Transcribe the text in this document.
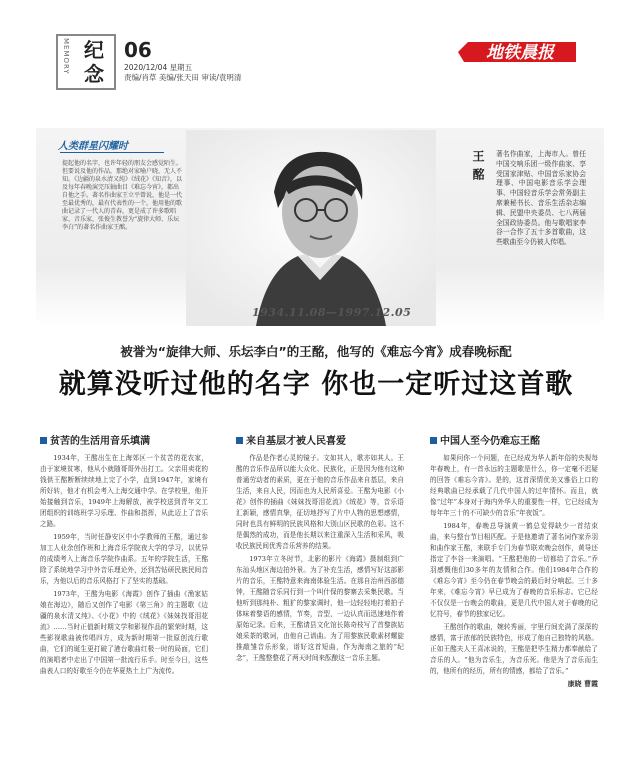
MEMORY 纪念
06
2020/12/04 星期五
责编/肖草 美编/张天田 审读/袁明清
地铁晨报
人类群星闪耀时
提起他的名字，也许年轻的朋友会感觉陌生。但要说及他的作品，那绝对家喻户晓，无人不知。《边疆的泉水清又纯》《绒花》《知音》，以及每年春晚演完压轴曲目《难忘今宵》，都出自他之手。著名作曲家王立平曾说，他是一代至最优秀的，最有代表性的一个，他用他的歌曲记录了一代人的青春，更是成了许多歌唱家、音乐家，张俊生教誉为“旋律大师、乐坛李白”的著名作曲家王酩。
1934.11.08—1997.12.05
王酩 著名作曲家，上海市人。曾任中国交响乐团一级作曲家、享受国家津贴、中国音乐家协会理事、中国电影音乐学会理事、中国轻音乐学会常务副主席兼秘书长、音乐生活杂志编辑、民盟中央委员、七八两届全国政协委员。他与歌唱家李谷一合作了五十多首歌曲，这些歌曲至今仍被人传唱。
被誉为“旋律大师、乐坛李白”的王酩，他写的《难忘今宵》成春晚标配
就算没听过他的名字 你也一定听过这首歌
贫苦的生活用音乐填满

1934年，王酩出生在上海郊区一个贫苦的花农家，由于家境贫寒，他从小就随哥哥外出打工。父亲用卖花的钱供王酩断断续续地上完了小学，直到1947年，家境有所好转，他才有机会考入上海交通中学。在学校里，他开始接触到音乐，1949年上海解放，被学校送到青年文工团组织的训练班学习乐理、作曲和指挥，从此迈上了音乐之路。

1959年，当时任静安区中小学教师的王酩，通过参加工人业余创作班和上海音乐学院夜大学的学习，以优异的成绩考入上海音乐学院作曲系。五年的学院生活，王酩除了系统地学习中外音乐理论外，还到苦钻研民族民间音乐，为他以后的音乐风格打下了坚实的基础。

1973年，王酩为电影《海霞》创作了插曲《渔家姑娘在海边》，随后又创作了电影《第三角》的主题歌《边疆的泉水清又纯》、《小花》中的《绒花》《妹妹找哥泪花流》……当时正值新时期文学和影视作品的繁荣时期，这些影视歌曲被传唱四方，成为新时期第一批原创流行歌曲，它们的诞生更打破了港台歌曲红极一时的局面，它们的演唱者中走出了中国第一批流行乐手。时至今日，这些曲表人口的好歌至今仍在华夏热土上广为流传。

来自基层才被人民喜爱

作品是作者心灵的镜子。文如其人，歌亦如其人。王酩的音乐作品所以能大众化、民族化，正是因为他有这种普通劳动者的素质，更在于他的音乐作品来自基层，来自生活，来自人民，因而也为人民所喜爱。王酩为电影《小花》创作的插曲《妹妹找哥泪花流》《绒花》等，音乐语汇新颖，感情真挚，征切地抒写了片中人物的思想感情，同时也具有鲜明的民族风格和大别山区民歌的色彩。这不是偶然的成功，而是他长期以来注重深入生活和采风，吸收民族民间优秀音乐营养的结果。

1973年立冬时节，北影的影片《海霞》摄制组到广东汕头地区海边拍外景。为了补充生活，感情写好这部影片的音乐，王酩特意来海南体验生活。在那自治州西部德钟，王酩随音乐同行到一个叫什保的黎寨去采集民歌。当他听到那纯朴、粗犷的黎家调时，他一边轻轻地打着拍子体味着黎语的感情，节奏，音型，一边认真而迅速地作着原始记录。后来，王酩请县文化馆长陈奇枝写了首黎族姑娘采茶的歌词，由他自己谱曲。为了用黎族民歌素材螺旋推敲雏音乐形象，谱好这首短曲，作为海南之旅的“纪念”，王酩整整花了两天时间来酝酿这一音乐主题。

中国人至今仍难忘王酩

如果问你一个问题，在已经成为华人新年俗的央视每年春晚上，有一首永远的主题歌是什么，你一定毫不迟疑的回答《难忘今宵》。是的，这首深情优美又雅俗上口的经典歌曲已经承载了几代中国人的过年情怀。而且，就像“过年”本身对于海内外华人的重要性一样，它已经成为每年年三十的不可缺少的音乐“年夜饭”。

1984年，春晚总导演黄一鹤总觉得缺少一首结束曲，来与整台节目相匹配。于是他邀请了著名词作家乔羽和曲作家王酩，来联手专门为春节联欢晚会创作，黄导还指定了李谷一来演唱。“王酩把他的一切都给了音乐。”乔羽感慨他们30多年的友情和合作。他们1984年合作的《难忘今宵》至今仍在春节晚会的最后时分响起。三十多年来，《难忘今宵》早已成为了春晚的音乐标志。它已经不仅仅是一台晚会的歌曲，更是几代中国人对于春晚的记忆符号，春节的独家记忆。

王酩创作的歌曲，婉转秀丽，宇里行间充满了深深的感情，富于浓郁的民族特色，形成了他自己独特的风格。正如王酩夫人王喜冰说的，王酩是把毕生精力都奉献给了音乐的人。“他为音乐生，为音乐死。他是为了音乐而生的，他所有的经历，所有的情感，都给了音乐。”

康晓 曹霞
